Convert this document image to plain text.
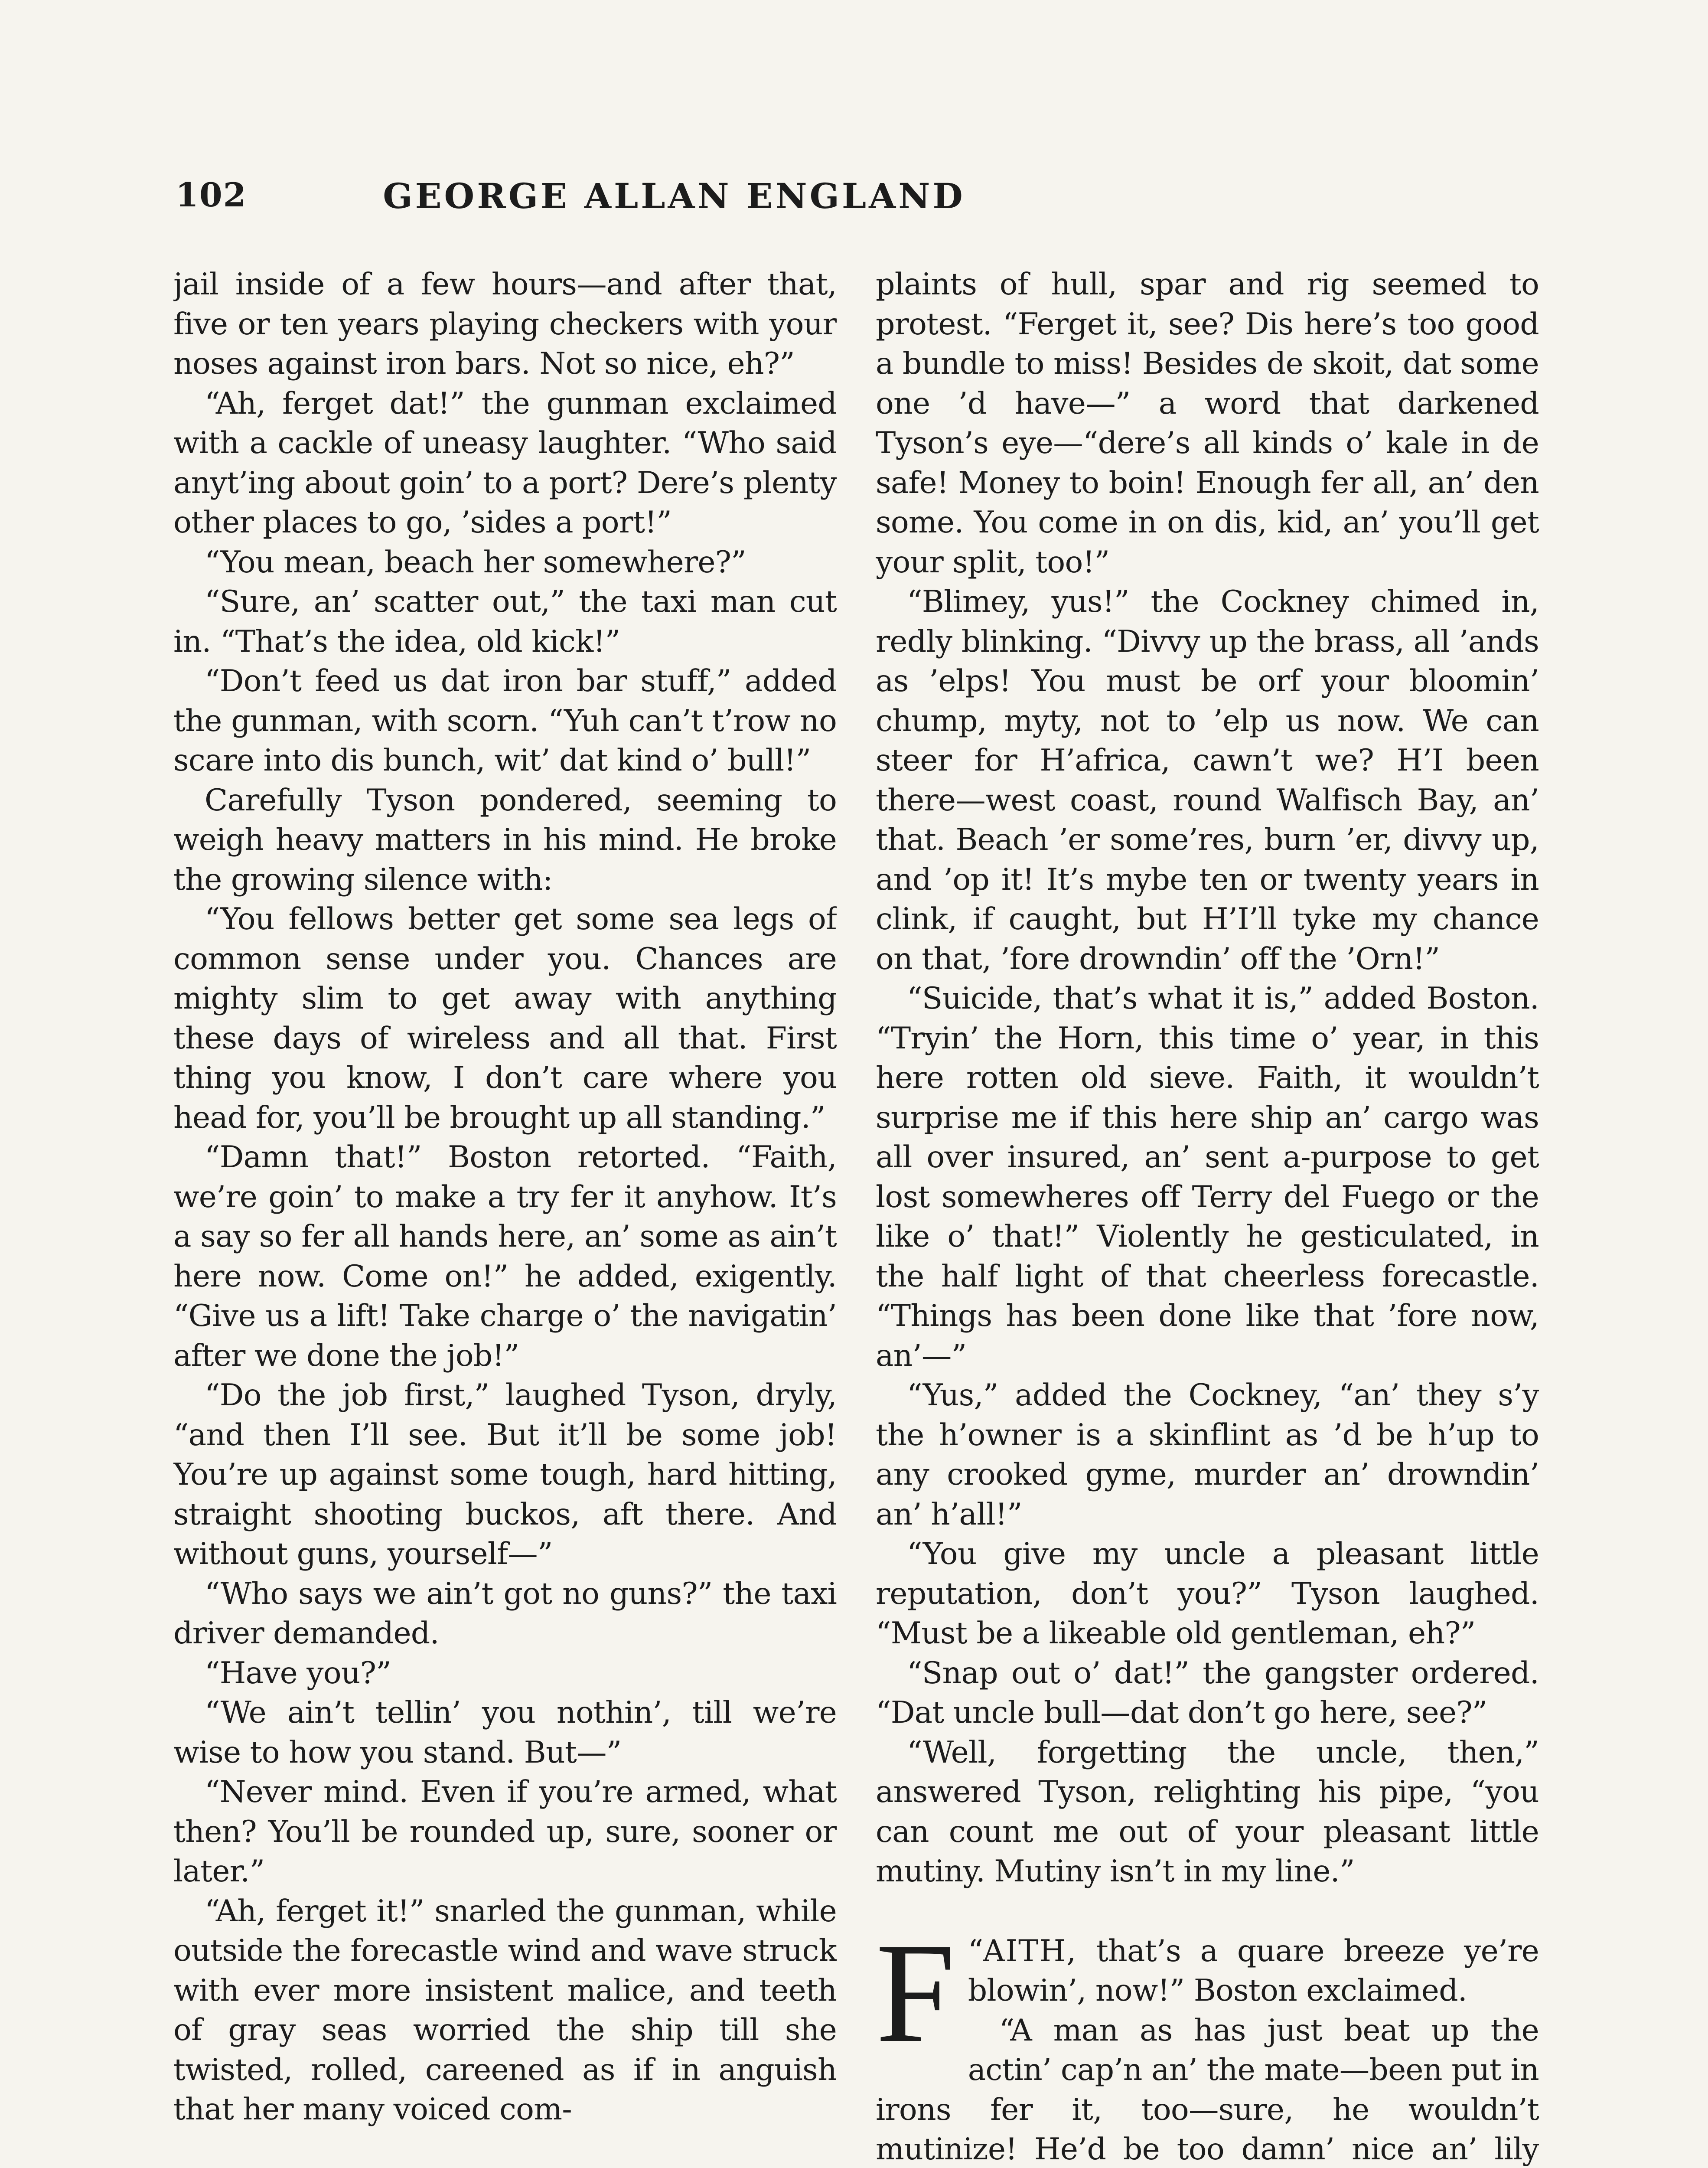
102	GEORGE ALLAN ENGLAND

jail inside of a few hours—and after that, five or ten years playing checkers with your noses against iron bars. Not so nice, eh?”

“Ah, ferget dat!” the gunman exclaimed with a cackle of uneasy laughter. “Who said anyt’ing about goin’ to a port? Dere’s plenty other places to go, ’sides a port!”

“You mean, beach her somewhere?”

“Sure, an’ scatter out,” the taxi man cut in. “That’s the idea, old kick!”

“Don’t feed us dat iron bar stuff,” added the gunman, with scorn. “Yuh can’t t’row no scare into dis bunch, wit’ dat kind o’ bull!”

Carefully Tyson pondered, seeming to weigh heavy matters in his mind. He broke the growing silence with:

“You fellows better get some sea legs of common sense under you. Chances are mighty slim to get away with anything these days of wireless and all that. First thing you know, I don’t care where you head for, you’ll be brought up all standing.”

“Damn that!” Boston retorted. “Faith, we’re goin’ to make a try fer it anyhow. It’s a say so fer all hands here, an’ some as ain’t here now. Come on!” he added, exigently. “Give us a lift! Take charge o’ the navigatin’ after we done the job!”

“Do the job first,” laughed Tyson, dryly, “and then I’ll see. But it’ll be some job! You’re up against some tough, hard hitting, straight shooting buckos, aft there. And without guns, yourself—”

“Who says we ain’t got no guns?” the taxi driver demanded.

“Have you?”

“We ain’t tellin’ you nothin’, till we’re wise to how you stand. But—”

“Never mind. Even if you’re armed, what then? You’ll be rounded up, sure, sooner or later.”

“Ah, ferget it!” snarled the gunman, while outside the forecastle wind and wave struck with ever more insistent malice, and teeth of gray seas worried the ship till she twisted, rolled, careened as if in anguish that her many voiced com-

plaints of hull, spar and rig seemed to protest. “Ferget it, see? Dis here’s too good a bundle to miss! Besides de skoit, dat some one ’d have—” a word that darkened Tyson’s eye—“dere’s all kinds o’ kale in de safe! Money to boin! Enough fer all, an’ den some. You come in on dis, kid, an’ you’ll get your split, too!”

“Blimey, yus!” the Cockney chimed in, redly blinking. “Divvy up the brass, all ’ands as ’elps! You must be orf your bloomin’ chump, myty, not to ’elp us now. We can steer for H’africa, cawn’t we? H’I been there—west coast, round Walfisch Bay, an’ that. Beach ’er some’res, burn ’er, divvy up, and ’op it! It’s mybe ten or twenty years in clink, if caught, but H’I’ll tyke my chance on that, ’fore drowndin’ off the ’Orn!”

“Suicide, that’s what it is,” added Boston. “Tryin’ the Horn, this time o’ year, in this here rotten old sieve. Faith, it wouldn’t surprise me if this here ship an’ cargo was all over insured, an’ sent a-purpose to get lost somewheres off Terry del Fuego or the like o’ that!” Violently he gesticulated, in the half light of that cheerless forecastle. “Things has been done like that ’fore now, an’—”

“Yus,” added the Cockney, “an’ they s’y the h’owner is a skinflint as ’d be h’up to any crooked gyme, murder an’ drowndin’ an’ h’all!”

“You give my uncle a pleasant little reputation, don’t you?” Tyson laughed. “Must be a likeable old gentleman, eh?”

“Snap out o’ dat!” the gangster ordered. “Dat uncle bull—dat don’t go here, see?”

“Well, forgetting the uncle, then,” answered Tyson, relighting his pipe, “you can count me out of your pleasant little mutiny. Mutiny isn’t in my line.”

“
F AITH, that’s a quare breeze ye’re blowin’, now!” Boston exclaimed.

“A man as has just beat up the actin’ cap’n an’ the mate—been put in irons fer it, too—sure, he wouldn’t mutinize! He’d be too damn’ nice an’ lily
